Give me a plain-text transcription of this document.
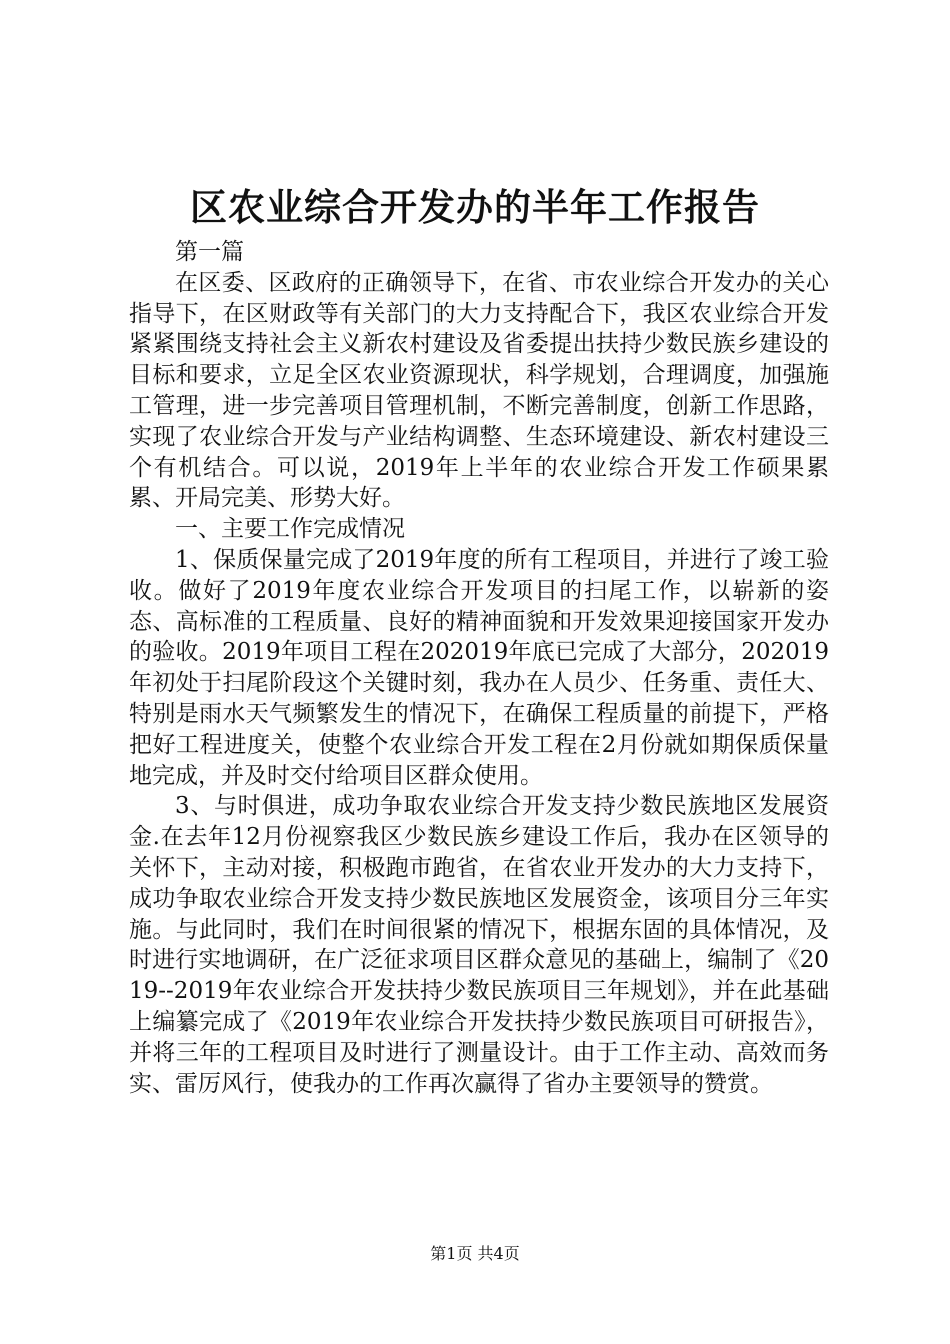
区农业综合开发办的半年工作报告

第一篇

在区委、区政府的正确领导下，在省、市农业综合开发办的关心指导下，在区财政等有关部门的大力支持配合下，我区农业综合开发紧紧围绕支持社会主义新农村建设及省委提出扶持少数民族乡建设的目标和要求，立足全区农业资源现状，科学规划，合理调度，加强施工管理，进一步完善项目管理机制，不断完善制度，创新工作思路，实现了农业综合开发与产业结构调整、生态环境建设、新农村建设三个有机结合。可以说，2019年上半年的农业综合开发工作硕果累累、开局完美、形势大好。

一、主要工作完成情况

1、保质保量完成了2019年度的所有工程项目，并进行了竣工验收。做好了2019年度农业综合开发项目的扫尾工作，以崭新的姿态、高标准的工程质量、良好的精神面貌和开发效果迎接国家开发办的验收。2019年项目工程在202019年底已完成了大部分，202019年初处于扫尾阶段这个关键时刻，我办在人员少、任务重、责任大、特别是雨水天气频繁发生的情况下，在确保工程质量的前提下，严格把好工程进度关，使整个农业综合开发工程在2月份就如期保质保量地完成，并及时交付给项目区群众使用。

3、与时俱进，成功争取农业综合开发支持少数民族地区发展资金.在去年12月份视察我区少数民族乡建设工作后，我办在区领导的关怀下，主动对接，积极跑市跑省，在省农业开发办的大力支持下，成功争取农业综合开发支持少数民族地区发展资金，该项目分三年实施。与此同时，我们在时间很紧的情况下，根据东固的具体情况，及时进行实地调研，在广泛征求项目区群众意见的基础上，编制了《2019--2019年农业综合开发扶持少数民族项目三年规划》，并在此基础上编纂完成了《2019年农业综合开发扶持少数民族项目可研报告》，并将三年的工程项目及时进行了测量设计。由于工作主动、高效而务实、雷厉风行，使我办的工作再次赢得了省办主要领导的赞赏。

第1页 共4页
